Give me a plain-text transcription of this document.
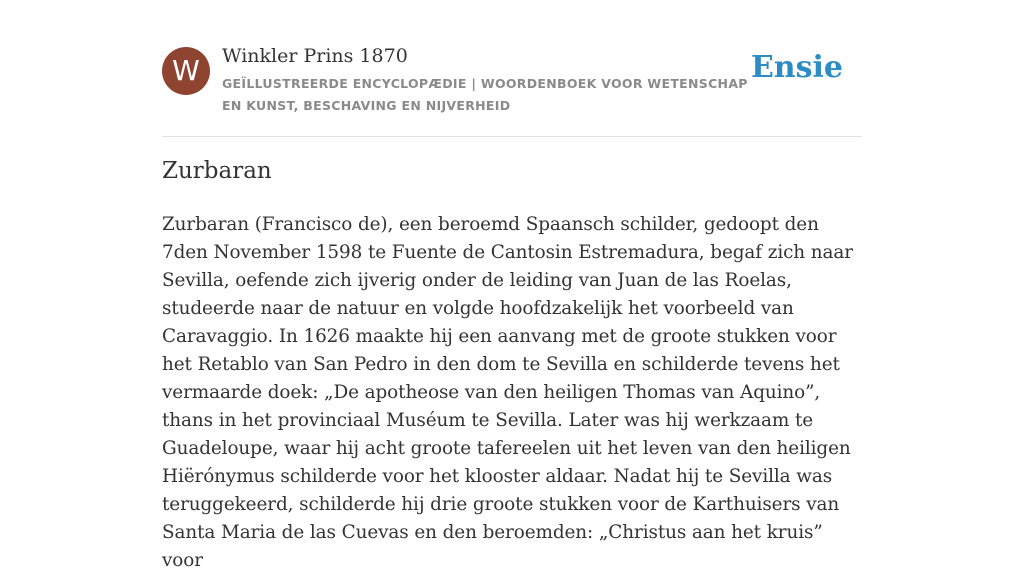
W	Winkler Prins 1870
GEÏLLUSTREERDE ENCYCLOPÆDIE | WOORDENBOEK VOOR WETENSCHAP EN KUNST, BESCHAVING EN NIJVERHEID
Ensie
Zurbaran

Zurbaran (Francisco de), een beroemd Spaansch schilder, gedoopt den 7den November 1598 te Fuente de Cantosin Estremadura, begaf zich naar Sevilla, oefende zich ijverig onder de leiding van Juan de las Roelas, studeerde naar de natuur en volgde hoofdzakelijk het voorbeeld van Caravaggio. In 1626 maakte hij een aanvang met de groote stukken voor het Retablo van San Pedro in den dom te Sevilla en schilderde tevens het vermaarde doek: „De apotheose van den heiligen Thomas van Aquino”, thans in het provinciaal Muséum te Sevilla. Later was hij werkzaam te Guadeloupe, waar hij acht groote tafereelen uit het leven van den heiligen Hiërónymus schilderde voor het klooster aldaar. Nadat hij te Sevilla was teruggekeerd, schilderde hij drie groote stukken voor de Karthuisers van Santa Maria de las Cuevas en den beroemden: „Christus aan het kruis” voor
